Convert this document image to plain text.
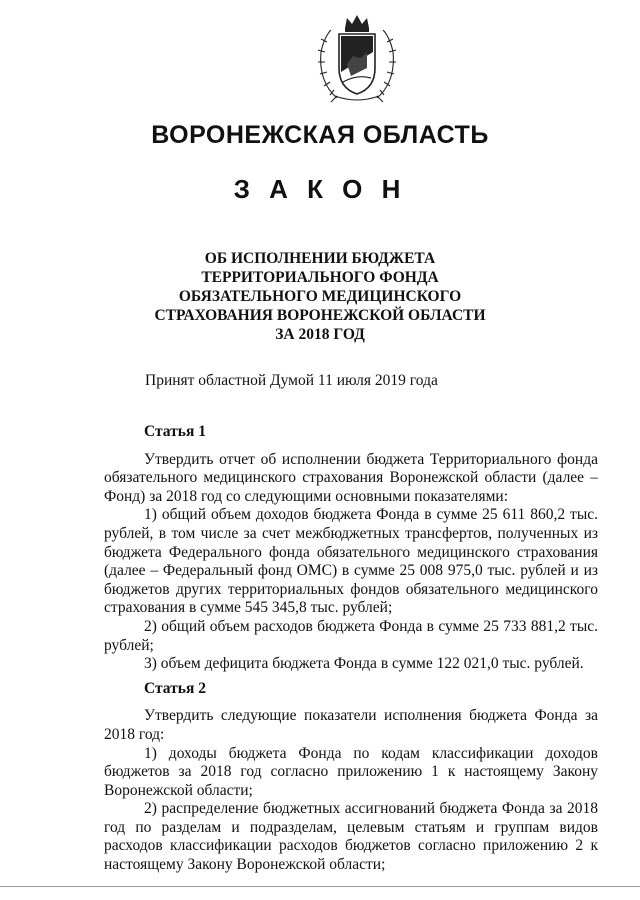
ВОРОНЕЖСКАЯ ОБЛАСТЬ
З А К О Н
ОБ ИСПОЛНЕНИИ БЮДЖЕТА
ТЕРРИТОРИАЛЬНОГО ФОНДА
ОБЯЗАТЕЛЬНОГО МЕДИЦИНСКОГО
СТРАХОВАНИЯ ВОРОНЕЖСКОЙ ОБЛАСТИ
ЗА 2018 ГОД
Принят областной Думой 11 июля 2019 года
Статья 1
Утвердить отчет об исполнении бюджета Территориального фонда обязательного медицинского страхования Воронежской области (далее – Фонд) за 2018 год со следующими основными показателями:
1) общий объем доходов бюджета Фонда в сумме 25 611 860,2 тыс. рублей, в том числе за счет межбюджетных трансфертов, полученных из бюджета Федерального фонда обязательного медицинского страхования (далее – Федеральный фонд ОМС) в сумме 25 008 975,0 тыс. рублей и из бюджетов других территориальных фондов обязательного медицинского страхования в сумме 545 345,8 тыс. рублей;
2) общий объем расходов бюджета Фонда в сумме 25 733 881,2 тыс. рублей;
3) объем дефицита бюджета Фонда в сумме 122 021,0 тыс. рублей.
Статья 2
Утвердить следующие показатели исполнения бюджета Фонда за 2018 год:
1) доходы бюджета Фонда по кодам классификации доходов бюджетов за 2018 год согласно приложению 1 к настоящему Закону Воронежской области;
2) распределение бюджетных ассигнований бюджета Фонда за 2018 год по разделам и подразделам, целевым статьям и группам видов расходов классификации расходов бюджетов согласно приложению 2 к настоящему Закону Воронежской области;
